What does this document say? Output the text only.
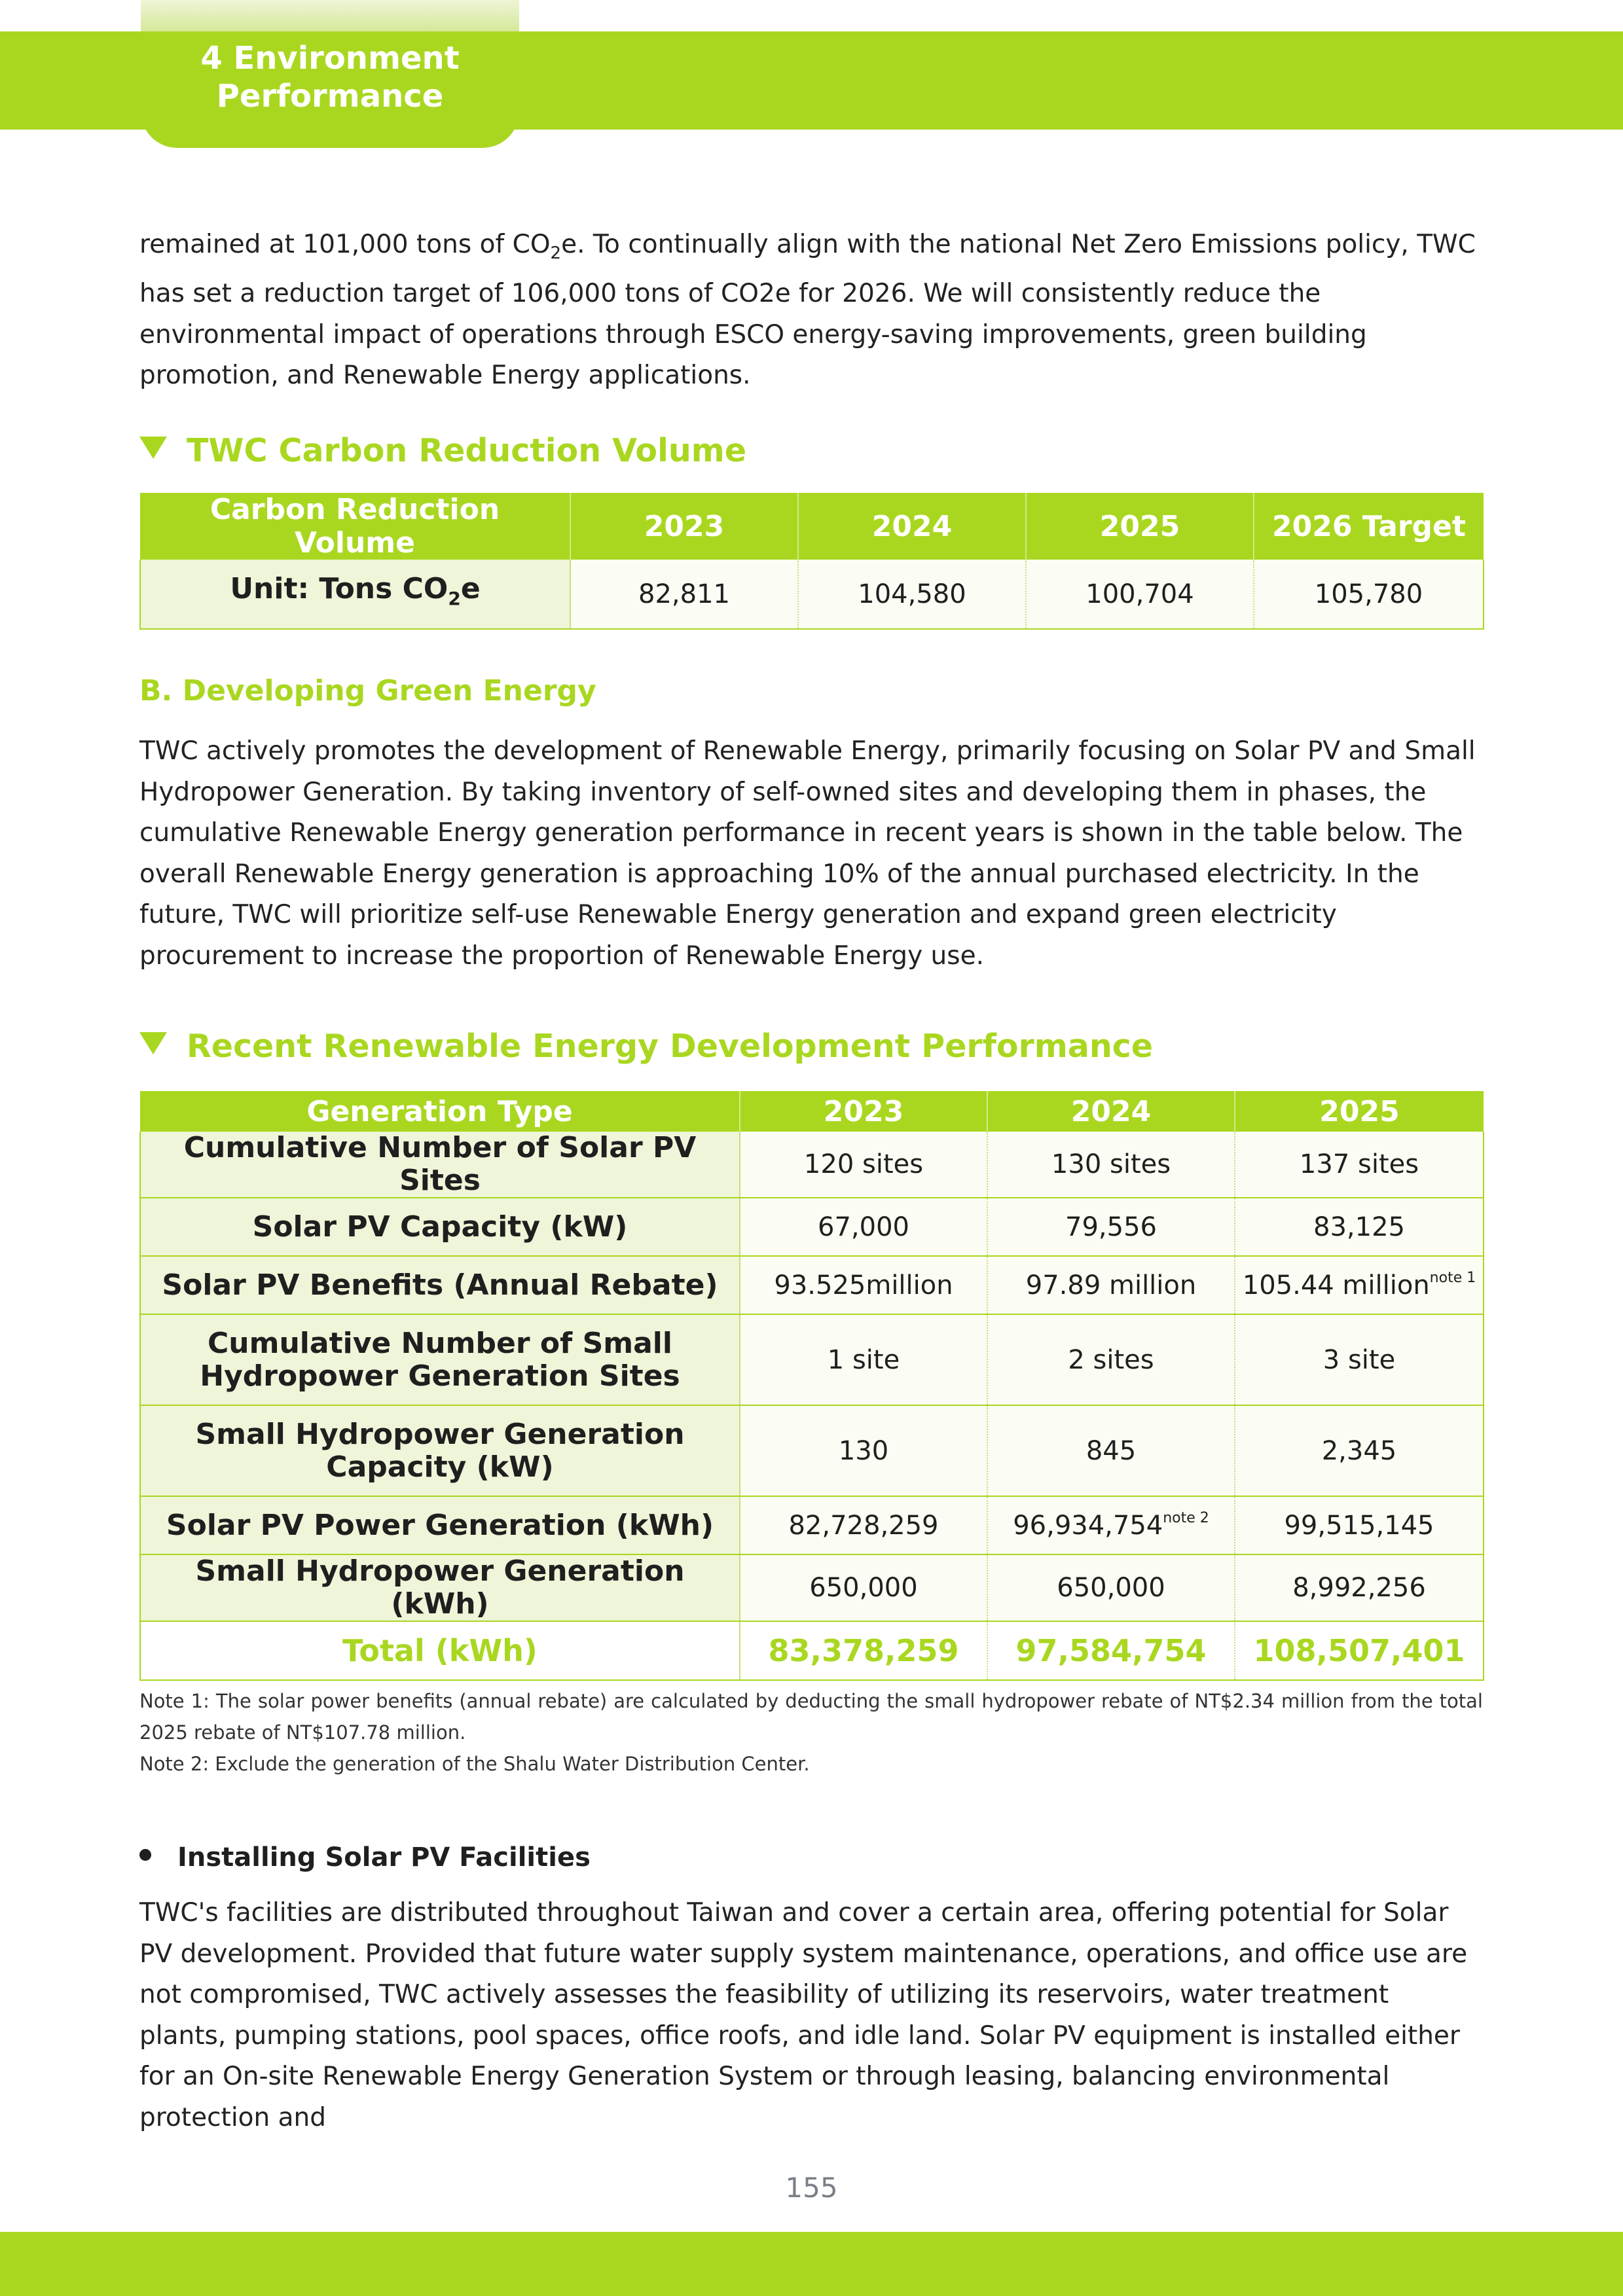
4 Environment
Performance

remained at 101,000 tons of $CO_2e$. To continually align with the national Net Zero Emissions policy, TWC has set a reduction target of 106,000 tons of CO2e for 2026. We will consistently reduce the environmental impact of operations through ESCO energy-saving improvements, green building promotion, and Renewable Energy applications.

TWC Carbon Reduction Volume
Carbon Reduction Volume	2023	2024	2025	2026 Target
Unit: Tons $CO_2e$	82,811	104,580	100,704	105,780
B. Developing Green Energy

TWC actively promotes the development of Renewable Energy, primarily focusing on Solar PV and Small Hydropower Generation. By taking inventory of self-owned sites and developing them in phases, the cumulative Renewable Energy generation performance in recent years is shown in the table below. The overall Renewable Energy generation is approaching 10% of the annual purchased electricity. In the future, TWC will prioritize self-use Renewable Energy generation and expand green electricity procurement to increase the proportion of Renewable Energy use.

Recent Renewable Energy Development Performance
Generation Type	2023	2024	2025
Cumulative Number of Solar PV Sites	120 sites	130 sites	137 sites
Solar PV Capacity (kW)	67,000	79,556	83,125
Solar PV Benefits (Annual Rebate)	93.525million	97.89 million	105.44 million$^{note 1}$

Cumulative Number of Small
Hydropower Generation Sites	1 site	2 sites	3 site

Small Hydropower Generation
Capacity (kW)	130	845	2,345
Solar PV Power Generation (kWh)	82,728,259	$96,934,754^{note 2}$	99,515,145
Small Hydropower Generation (kWh)	650,000	650,000	8,992,256
Total (kWh)	83,378,259	97,584,754	108,507,401

Note 1: The solar power benefits (annual rebate) are calculated by deducting the small hydropower rebate of NT$2.34 million from the total 2025 rebate of NT$107.78 million.

Note 2: Exclude the generation of the Shalu Water Distribution Center.

Installing Solar PV Facilities

TWC's facilities are distributed throughout Taiwan and cover a certain area, offering potential for Solar PV development. Provided that future water supply system maintenance, operations, and office use are not compromised, TWC actively assesses the feasibility of utilizing its reservoirs, water treatment plants, pumping stations, pool spaces, office roofs, and idle land. Solar PV equipment is installed either for an On-site Renewable Energy Generation System or through leasing, balancing environmental protection and

155
